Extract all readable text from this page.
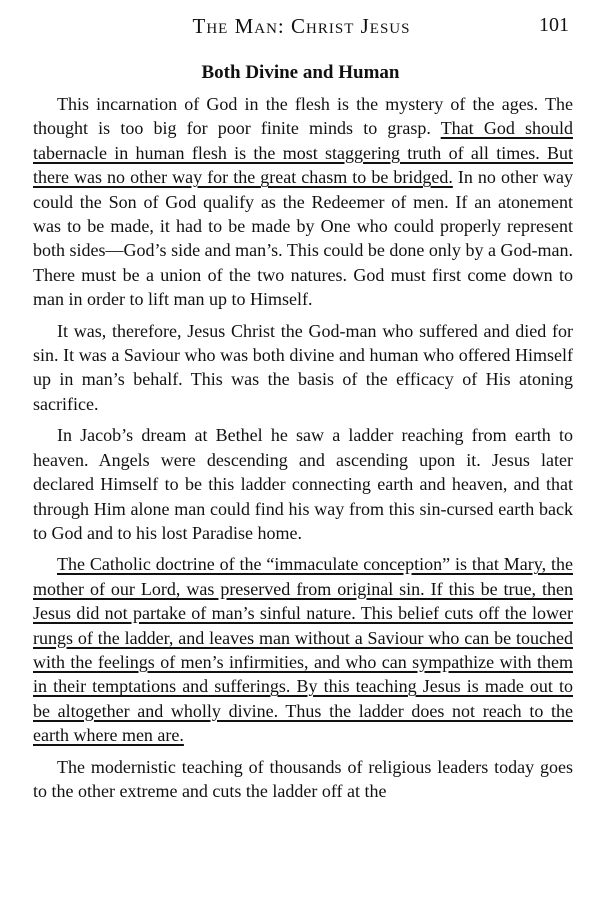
The Man: Christ Jesus	101
Both Divine and Human

This incarnation of God in the flesh is the mystery of the ages. The thought is too big for poor finite minds to grasp. That God should tabernacle in human flesh is the most staggering truth of all times. But there was no other way for the great chasm to be bridged. In no other way could the Son of God qualify as the Redeemer of men. If an atonement was to be made, it had to be made by One who could properly represent both sides—God’s side and man’s. This could be done only by a God-man. There must be a union of the two natures. God must first come down to man in order to lift man up to Himself.

It was, therefore, Jesus Christ the God-man who suffered and died for sin. It was a Saviour who was both divine and human who offered Himself up in man’s behalf. This was the basis of the efficacy of His atoning sacrifice.

In Jacob’s dream at Bethel he saw a ladder reaching from earth to heaven. Angels were descending and ascending upon it. Jesus later declared Himself to be this ladder connecting earth and heaven, and that through Him alone man could find his way from this sin-cursed earth back to God and to his lost Paradise home.

The Catholic doctrine of the “immaculate conception” is that Mary, the mother of our Lord, was preserved from original sin. If this be true, then Jesus did not partake of man’s sinful nature. This belief cuts off the lower rungs of the ladder, and leaves man without a Saviour who can be touched with the feelings of men’s infirmities, and who can sympathize with them in their temptations and sufferings. By this teaching Jesus is made out to be altogether and wholly divine. Thus the ladder does not reach to the earth where men are.

The modernistic teaching of thousands of religious leaders today goes to the other extreme and cuts the ladder off at the
